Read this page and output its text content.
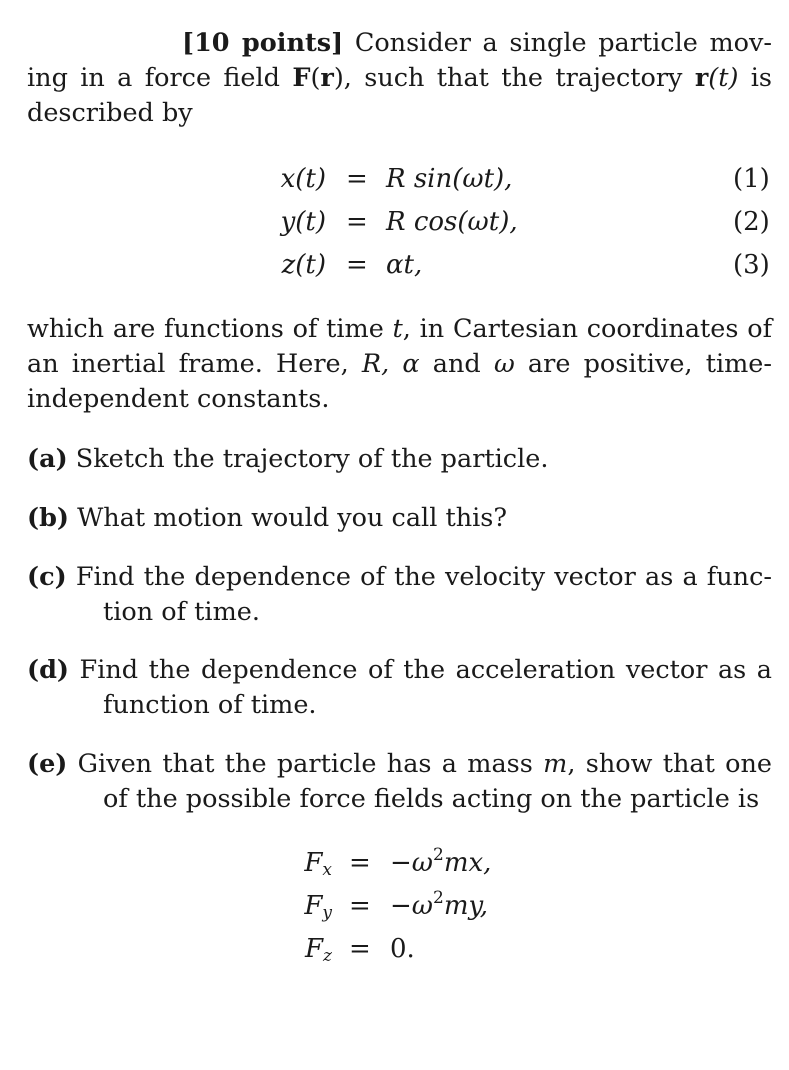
[10 points] Consider a single particle mov-ing in a force field F(r), such that the trajectory r(t) is described by
x(t) = R sin(ωt),	(1)
y(t) = R cos(ωt),	(2)
z(t) = αt,	(3)
which are functions of time t, in Cartesian coordinates of an inertial frame. Here, R, α and ω are positive, time-independent constants.
(a) Sketch the trajectory of the particle.
(b) What motion would you call this?
(c) Find the dependence of the velocity vector as a func-tion of time.
(d) Find the dependence of the acceleration vector as a function of time.
(e) Given that the particle has a mass m, show that one of the possible force fields acting on the particle is
$F_x = -\omega^2mx$,
$F_y = -\omega^2my$,
$F_z = 0$.
